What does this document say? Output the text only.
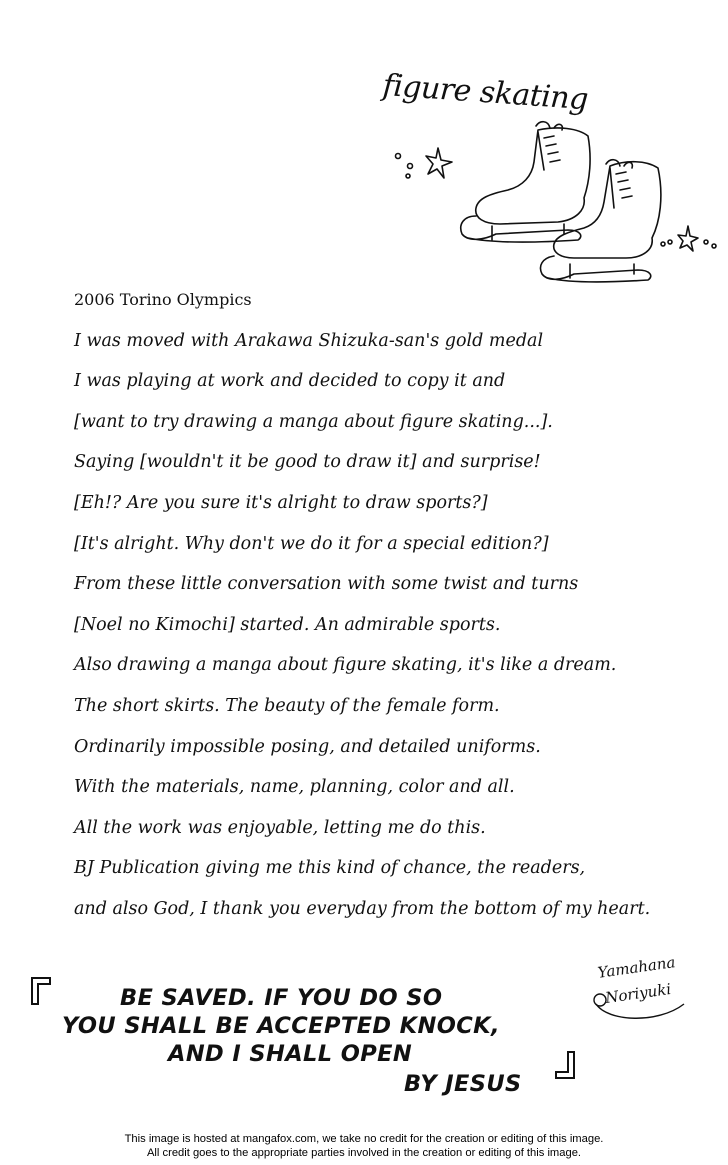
figure skating
2006 Torino Olympics
I was moved with Arakawa Shizuka-san's gold medal
I was playing at work and decided to copy it and
[want to try drawing a manga about figure skating...].
Saying [wouldn't it be good to draw it] and surprise!
[Eh!? Are you sure it's alright to draw sports?]
[It's alright. Why don't we do it for a special edition?]
From these little conversation with some twist and turns
[Noel no Kimochi] started. An admirable sports.
Also drawing a manga about figure skating, it's like a dream.
The short skirts. The beauty of the female form.
Ordinarily impossible posing, and detailed uniforms.
With the materials, name, planning, color and all.
All the work was enjoyable, letting me do this.
BJ Publication giving me this kind of chance, the readers,
and also God, I thank you everyday from the bottom of my heart.
Yamahana
Noriyuki
BE SAVED. IF YOU DO SO
YOU SHALL BE ACCEPTED KNOCK,
AND I SHALL OPEN
BY JESUS
This image is hosted at mangafox.com, we take no credit for the creation or editing of this image.
All credit goes to the appropriate parties involved in the creation or editing of this image.
